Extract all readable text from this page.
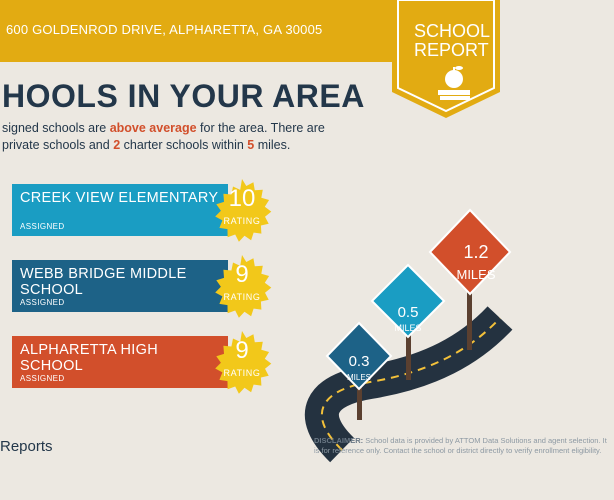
600 GOLDENROD DRIVE, ALPHARETTA, GA 30005	SCHOOL
REPORT
HOOLS IN YOUR AREA

signed schools are above average for the area. There are
private schools and 2 charter schools within 5 miles.

CREEK VIEW ELEMENTARY
ASSIGNED
10
RATING
WEBB BRIDGE MIDDLE SCHOOL
ASSIGNED
9
RATING
ALPHARETTA HIGH SCHOOL
ASSIGNED
9
RATING
0.3
MILES
0.5
MILES
1.2
MILES
Reports	DISCLAIMER: School data is provided by ATTOM Data Solutions and agent selection. It is for reference only. Contact the school or district directly to verify enrollment eligibility.
